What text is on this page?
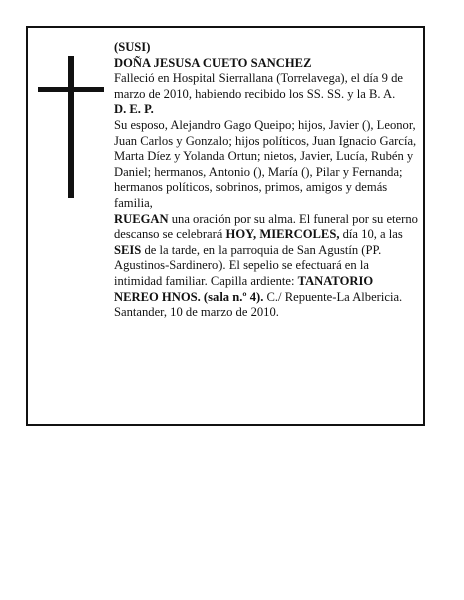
(SUSI)

DOÑA JESUSA CUETO SANCHEZ

Falleció en Hospital Sierrallana (Torrelavega), el día 9 de marzo de 2010, habiendo recibido los SS. SS. y la B. A.

D. E. P.

Su esposo, Alejandro Gago Queipo; hijos, Javier (), Leonor, Juan Carlos y Gonzalo; hijos políticos, Juan Ignacio García, Marta Díez y Yolanda Ortun; nietos, Javier, Lucía, Rubén y Daniel; hermanos, Antonio (), María (), Pilar y Fernanda; hermanos políticos, sobrinos, primos, amigos y demás familia,

RUEGAN una oración por su alma. El funeral por su eterno descanso se celebrará HOY, MIERCOLES, día 10, a las SEIS de la tarde, en la parroquia de San Agustín (PP. Agustinos-Sardinero). El sepelio se efectuará en la intimidad familiar. Capilla ardiente: TANATORIO NEREO HNOS. (sala n.º 4). C./ Repuente-La Albericia.

Santander, 10 de marzo de 2010.
